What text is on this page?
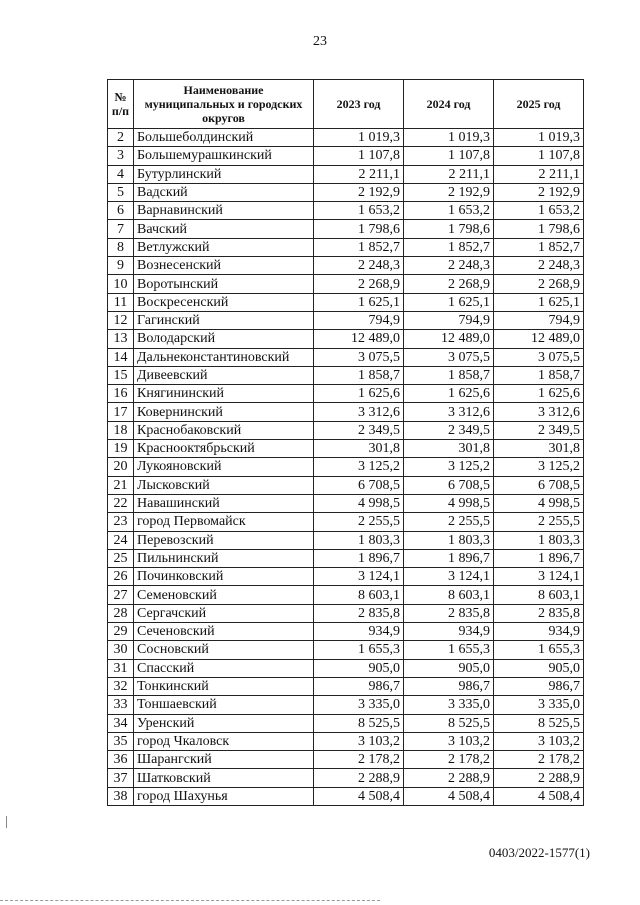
23
№ п/п	Наименование муниципальных и городских округов	2023 год	2024 год	2025 год
2	Большеболдинский	1 019,3	1 019,3	1 019,3
3	Большемурашкинский	1 107,8	1 107,8	1 107,8
4	Бутурлинский	2 211,1	2 211,1	2 211,1
5	Вадский	2 192,9	2 192,9	2 192,9
6	Варнавинский	1 653,2	1 653,2	1 653,2
7	Вачский	1 798,6	1 798,6	1 798,6
8	Ветлужский	1 852,7	1 852,7	1 852,7
9	Вознесенский	2 248,3	2 248,3	2 248,3
10	Воротынский	2 268,9	2 268,9	2 268,9
11	Воскресенский	1 625,1	1 625,1	1 625,1
12	Гагинский	794,9	794,9	794,9
13	Володарский	12 489,0	12 489,0	12 489,0
14	Дальнеконстантиновский	3 075,5	3 075,5	3 075,5
15	Дивеевский	1 858,7	1 858,7	1 858,7
16	Княгининский	1 625,6	1 625,6	1 625,6
17	Ковернинский	3 312,6	3 312,6	3 312,6
18	Краснобаковский	2 349,5	2 349,5	2 349,5
19	Краснооктябрьский	301,8	301,8	301,8
20	Лукояновский	3 125,2	3 125,2	3 125,2
21	Лысковский	6 708,5	6 708,5	6 708,5
22	Навашинский	4 998,5	4 998,5	4 998,5
23	город Первомайск	2 255,5	2 255,5	2 255,5
24	Перевозский	1 803,3	1 803,3	1 803,3
25	Пильнинский	1 896,7	1 896,7	1 896,7
26	Починковский	3 124,1	3 124,1	3 124,1
27	Семеновский	8 603,1	8 603,1	8 603,1
28	Сергачский	2 835,8	2 835,8	2 835,8
29	Сеченовский	934,9	934,9	934,9
30	Сосновский	1 655,3	1 655,3	1 655,3
31	Спасский	905,0	905,0	905,0
32	Тонкинский	986,7	986,7	986,7
33	Тоншаевский	3 335,0	3 335,0	3 335,0
34	Уренский	8 525,5	8 525,5	8 525,5
35	город Чкаловск	3 103,2	3 103,2	3 103,2
36	Шарангский	2 178,2	2 178,2	2 178,2
37	Шатковский	2 288,9	2 288,9	2 288,9
38	город Шахунья	4 508,4	4 508,4	4 508,4
0403/2022-1577(1)
